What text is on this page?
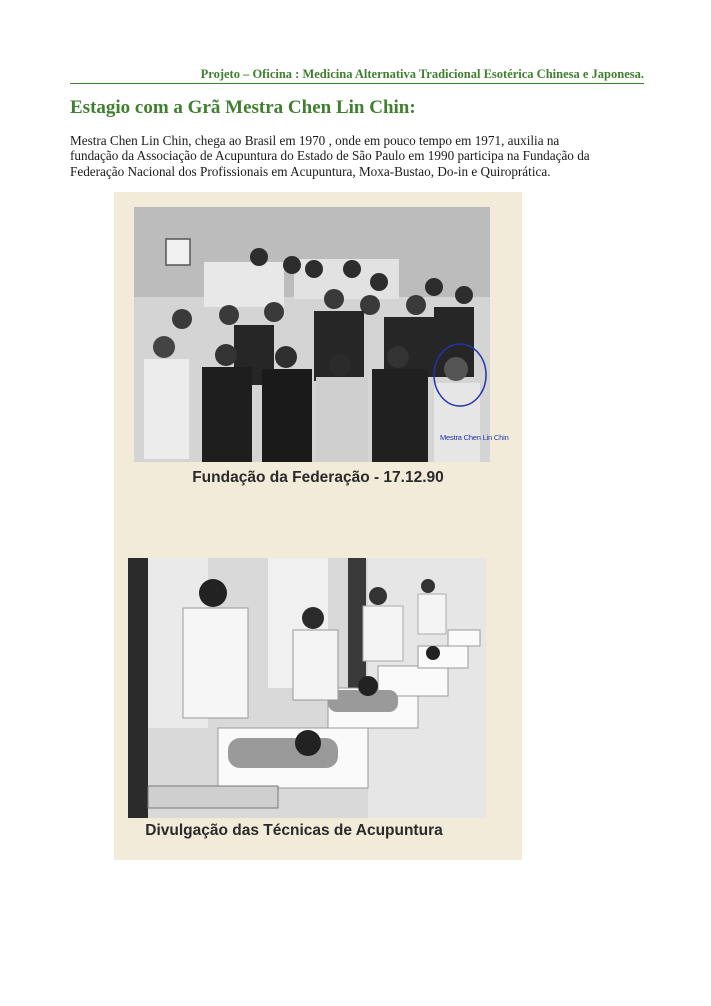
Projeto – Oficina : Medicina Alternativa Tradicional Esotérica Chinesa e Japonesa.
Estagio com a Grã Mestra Chen Lin Chin:
Mestra Chen Lin Chin, chega ao Brasil em 1970 , onde em pouco tempo em 1971, auxilia na
fundação da Associação de Acupuntura do Estado de São Paulo em 1990 participa na Fundação da
Federação Nacional dos Profissionais em Acupuntura, Moxa-Bustao, Do-in e Quiroprática.
Mestra Chen Lin Chin
Fundação da Federação - 17.12.90
Divulgação das Técnicas de Acupuntura
